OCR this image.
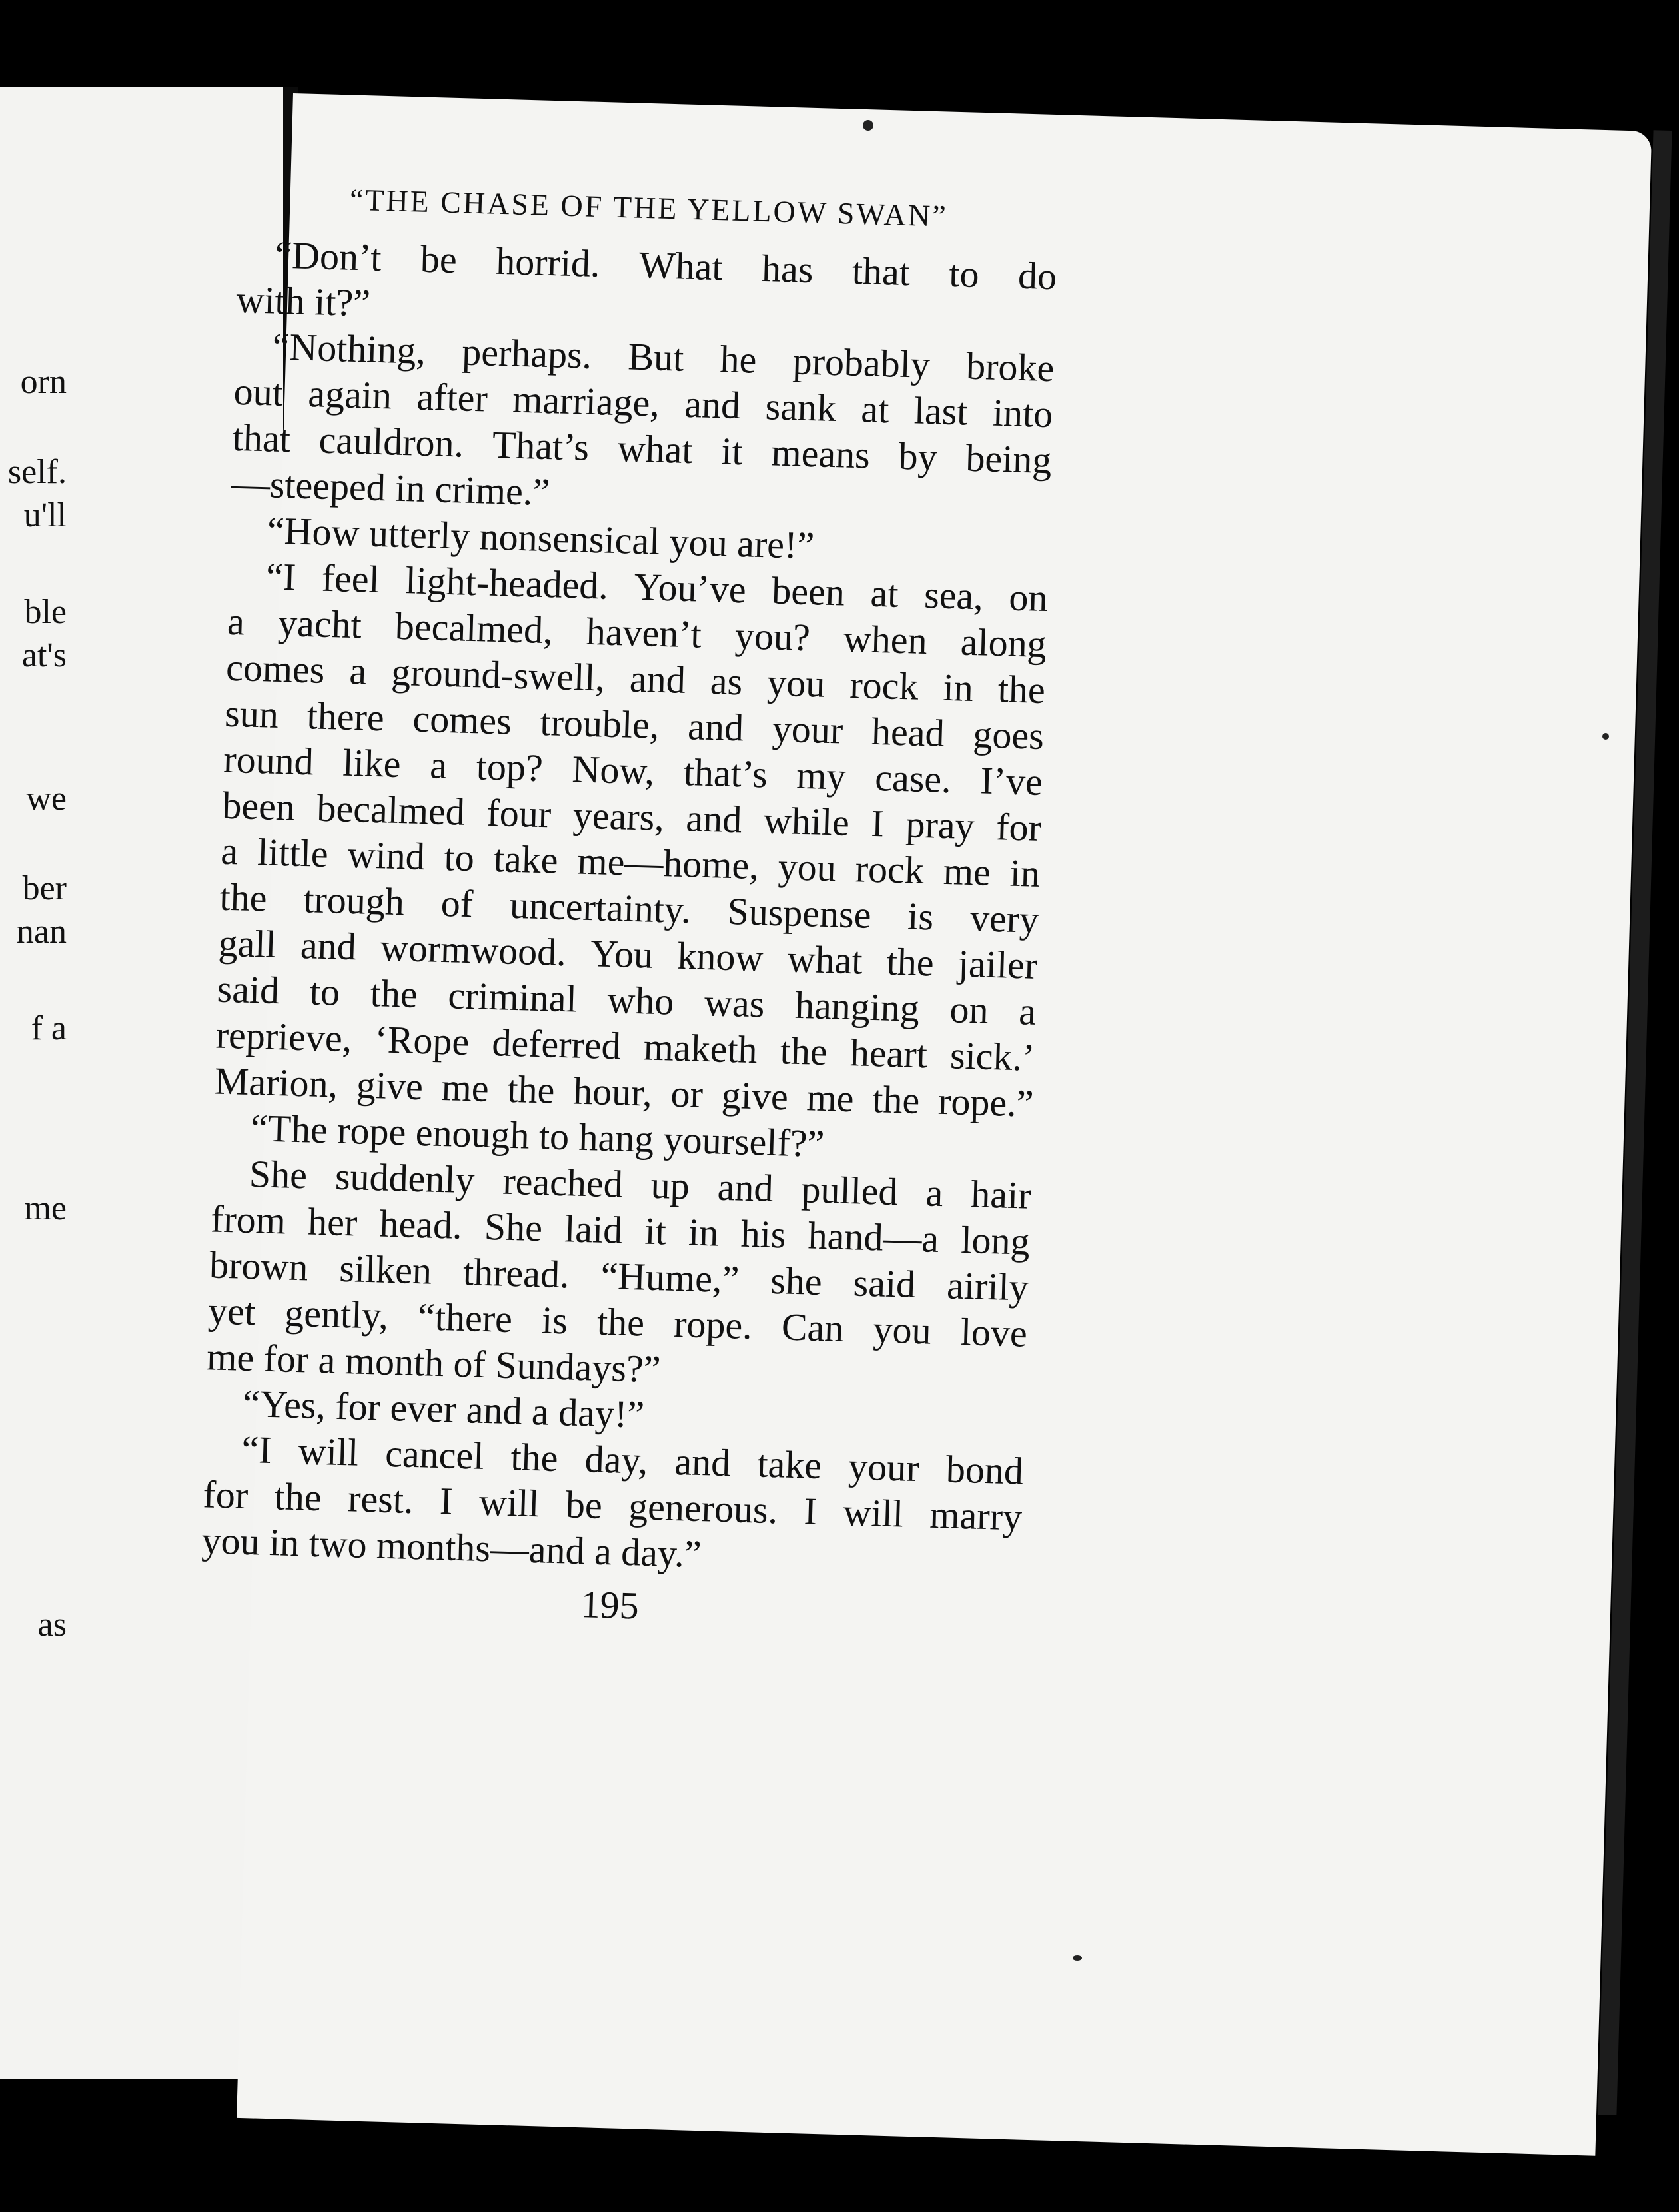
orn
self.
u'll
ble
at's
we
ber
nan
f a
me
as
“THE CHASE OF THE YELLOW SWAN”
“Don’t be horrid. What has that to do
with it?”
“Nothing, perhaps. But he probably broke
out again after marriage, and sank at last into
that cauldron. That’s what it means by being
—steeped in crime.”
“How utterly nonsensical you are!”
“I feel light-headed. You’ve been at sea, on
a yacht becalmed, haven’t you? when along
comes a ground-swell, and as you rock in the
sun there comes trouble, and your head goes
round like a top? Now, that’s my case. I’ve
been becalmed four years, and while I pray for
a little wind to take me—home, you rock me in
the trough of uncertainty. Suspense is very
gall and wormwood. You know what the jailer
said to the criminal who was hanging on a
reprieve, ‘Rope deferred maketh the heart sick.’
Marion, give me the hour, or give me the rope.”
“The rope enough to hang yourself?”
She suddenly reached up and pulled a hair
from her head. She laid it in his hand—a long
brown silken thread. “Hume,” she said airily
yet gently, “there is the rope. Can you love
me for a month of Sundays?”
“Yes, for ever and a day!”
“I will cancel the day, and take your bond
for the rest. I will be generous. I will marry
you in two months—and a day.”
195
